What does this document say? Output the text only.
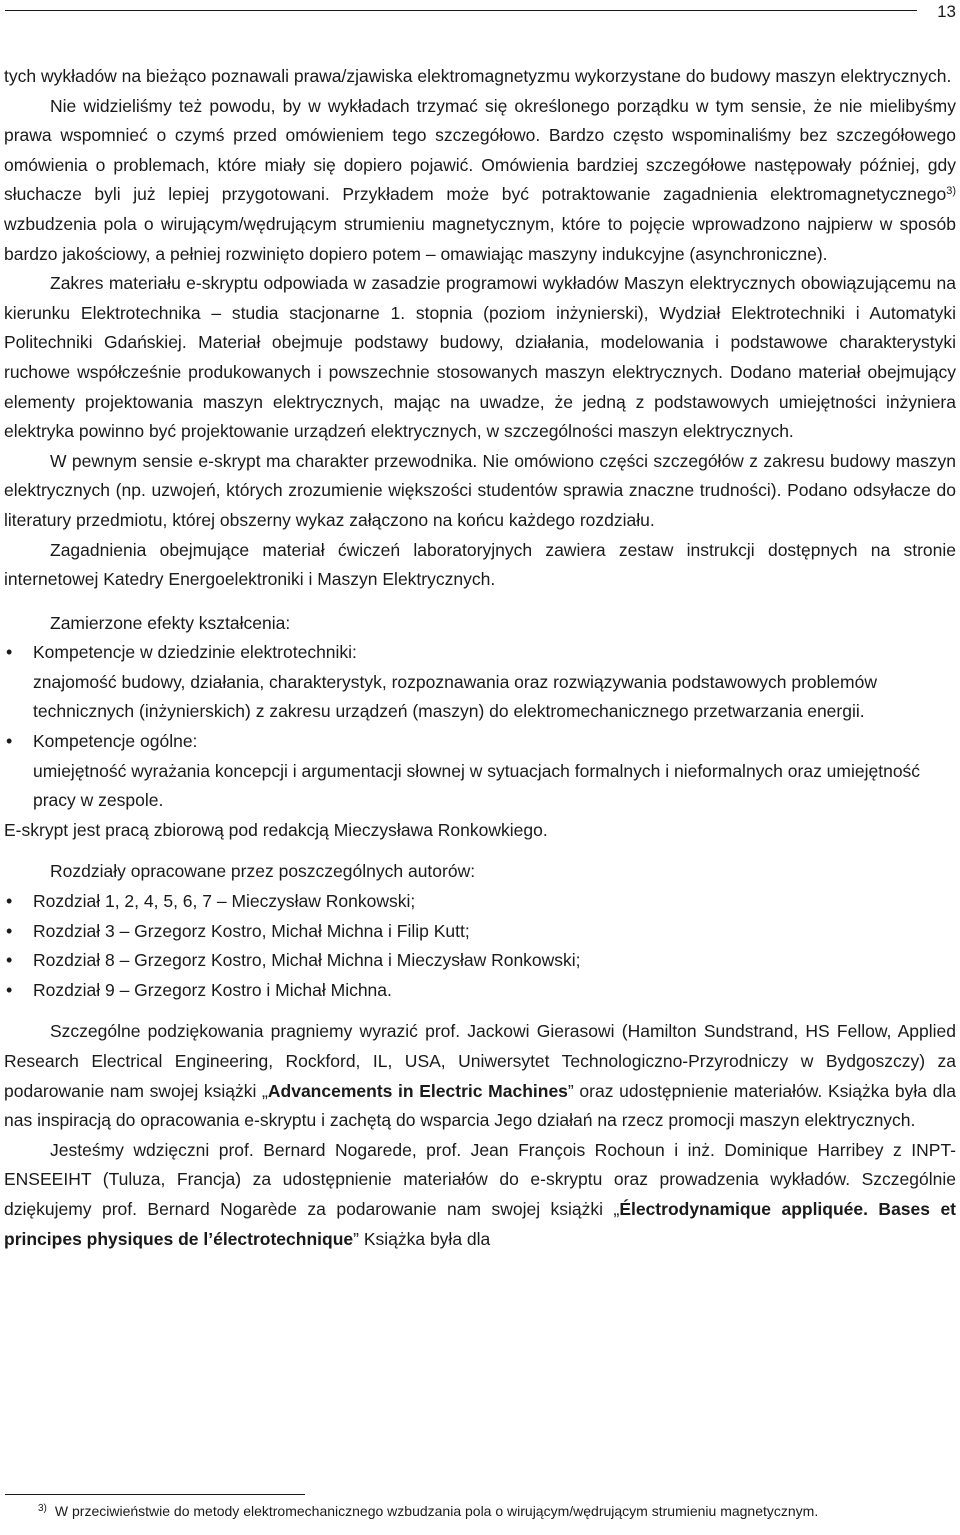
13

tych wykładów na bieżąco poznawali prawa/zjawiska elektromagnetyzmu wykorzystane do budowy maszyn elektrycznych.

Nie widzieliśmy też powodu, by w wykładach trzymać się określonego porządku w tym sensie, że nie mielibyśmy prawa wspomnieć o czymś przed omówieniem tego szczegółowo. Bardzo często wspominaliśmy bez szczegółowego omówienia o problemach, które miały się dopiero pojawić. Omówienia bardziej szczegółowe następowały później, gdy słuchacze byli już lepiej przygotowani. Przykładem może być potraktowanie zagadnienia elektromagnetycznego$^{3)}$ wzbudzenia pola o wirującym/wędrującym strumieniu magnetycznym, które to pojęcie wprowadzono najpierw w sposób bardzo jakościowy, a pełniej rozwinięto dopiero potem – omawiając maszyny indukcyjne (asynchroniczne).

Zakres materiału e-skryptu odpowiada w zasadzie programowi wykładów Maszyn elektrycznych obowiązującemu na kierunku Elektrotechnika – studia stacjonarne 1. stopnia (poziom inżynierski), Wydział Elektrotechniki i Automatyki Politechniki Gdańskiej. Materiał obejmuje podstawy budowy, działania, modelowania i podstawowe charakterystyki ruchowe współcześnie produkowanych i powszechnie stosowanych maszyn elektrycznych. Dodano materiał obejmujący elementy projektowania maszyn elektrycznych, mając na uwadze, że jedną z podstawowych umiejętności inżyniera elektryka powinno być projektowanie urządzeń elektrycznych, w szczególności maszyn elektrycznych.

W pewnym sensie e-skrypt ma charakter przewodnika. Nie omówiono części szczegółów z zakresu budowy maszyn elektrycznych (np. uzwojeń, których zrozumienie większości studentów sprawia znaczne trudności). Podano odsyłacze do literatury przedmiotu, której obszerny wykaz załączono na końcu każdego rozdziału.

Zagadnienia obejmujące materiał ćwiczeń laboratoryjnych zawiera zestaw instrukcji dostępnych na stronie internetowej Katedry Energoelektroniki i Maszyn Elektrycznych.

Zamierzone efekty kształcenia:

• Kompetencje w dziedzinie elektrotechniki:
znajomość budowy, działania, charakterystyk, rozpoznawania oraz rozwiązywania podstawowych problemów technicznych (inżynierskich) z zakresu urządzeń (maszyn) do elektromechanicznego przetwarzania energii.
• Kompetencje ogólne:
umiejętność wyrażania koncepcji i argumentacji słownej w sytuacjach formalnych i nieformalnych oraz umiejętność pracy w zespole.

E-skrypt jest pracą zbiorową pod redakcją Mieczysława Ronkowkiego.

Rozdziały opracowane przez poszczególnych autorów:

• Rozdział 1, 2, 4, 5, 6, 7 – Mieczysław Ronkowski;
• Rozdział 3 – Grzegorz Kostro, Michał Michna i Filip Kutt;
• Rozdział 8 – Grzegorz Kostro, Michał Michna i Mieczysław Ronkowski;
• Rozdział 9 – Grzegorz Kostro i Michał Michna.

Szczególne podziękowania pragniemy wyrazić prof. Jackowi Gierasowi (Hamilton Sundstrand, HS Fellow, Applied Research Electrical Engineering, Rockford, IL, USA, Uniwersytet Technologiczno-Przyrodniczy w Bydgoszczy) za podarowanie nam swojej książki „Advancements in Electric Machines” oraz udostępnienie materiałów. Książka była dla nas inspiracją do opracowania e-skryptu i zachętą do wsparcia Jego działań na rzecz promocji maszyn elektrycznych.

Jesteśmy wdzięczni prof. Bernard Nogarede, prof. Jean François Rochoun i inż. Dominique Harribey z INPT-ENSEEIHT (Tuluza, Francja) za udostępnienie materiałów do e-skryptu oraz prowadzenia wykładów. Szczególnie dziękujemy prof. Bernard Nogarède za podarowanie nam swojej książki „Électrodynamique appliquée. Bases et principes physiques de l’électrotechnique” Książka była dla

$^{3)}$ W przeciwieństwie do metody elektromechanicznego wzbudzania pola o wirującym/wędrującym strumieniu magnetycznym.
